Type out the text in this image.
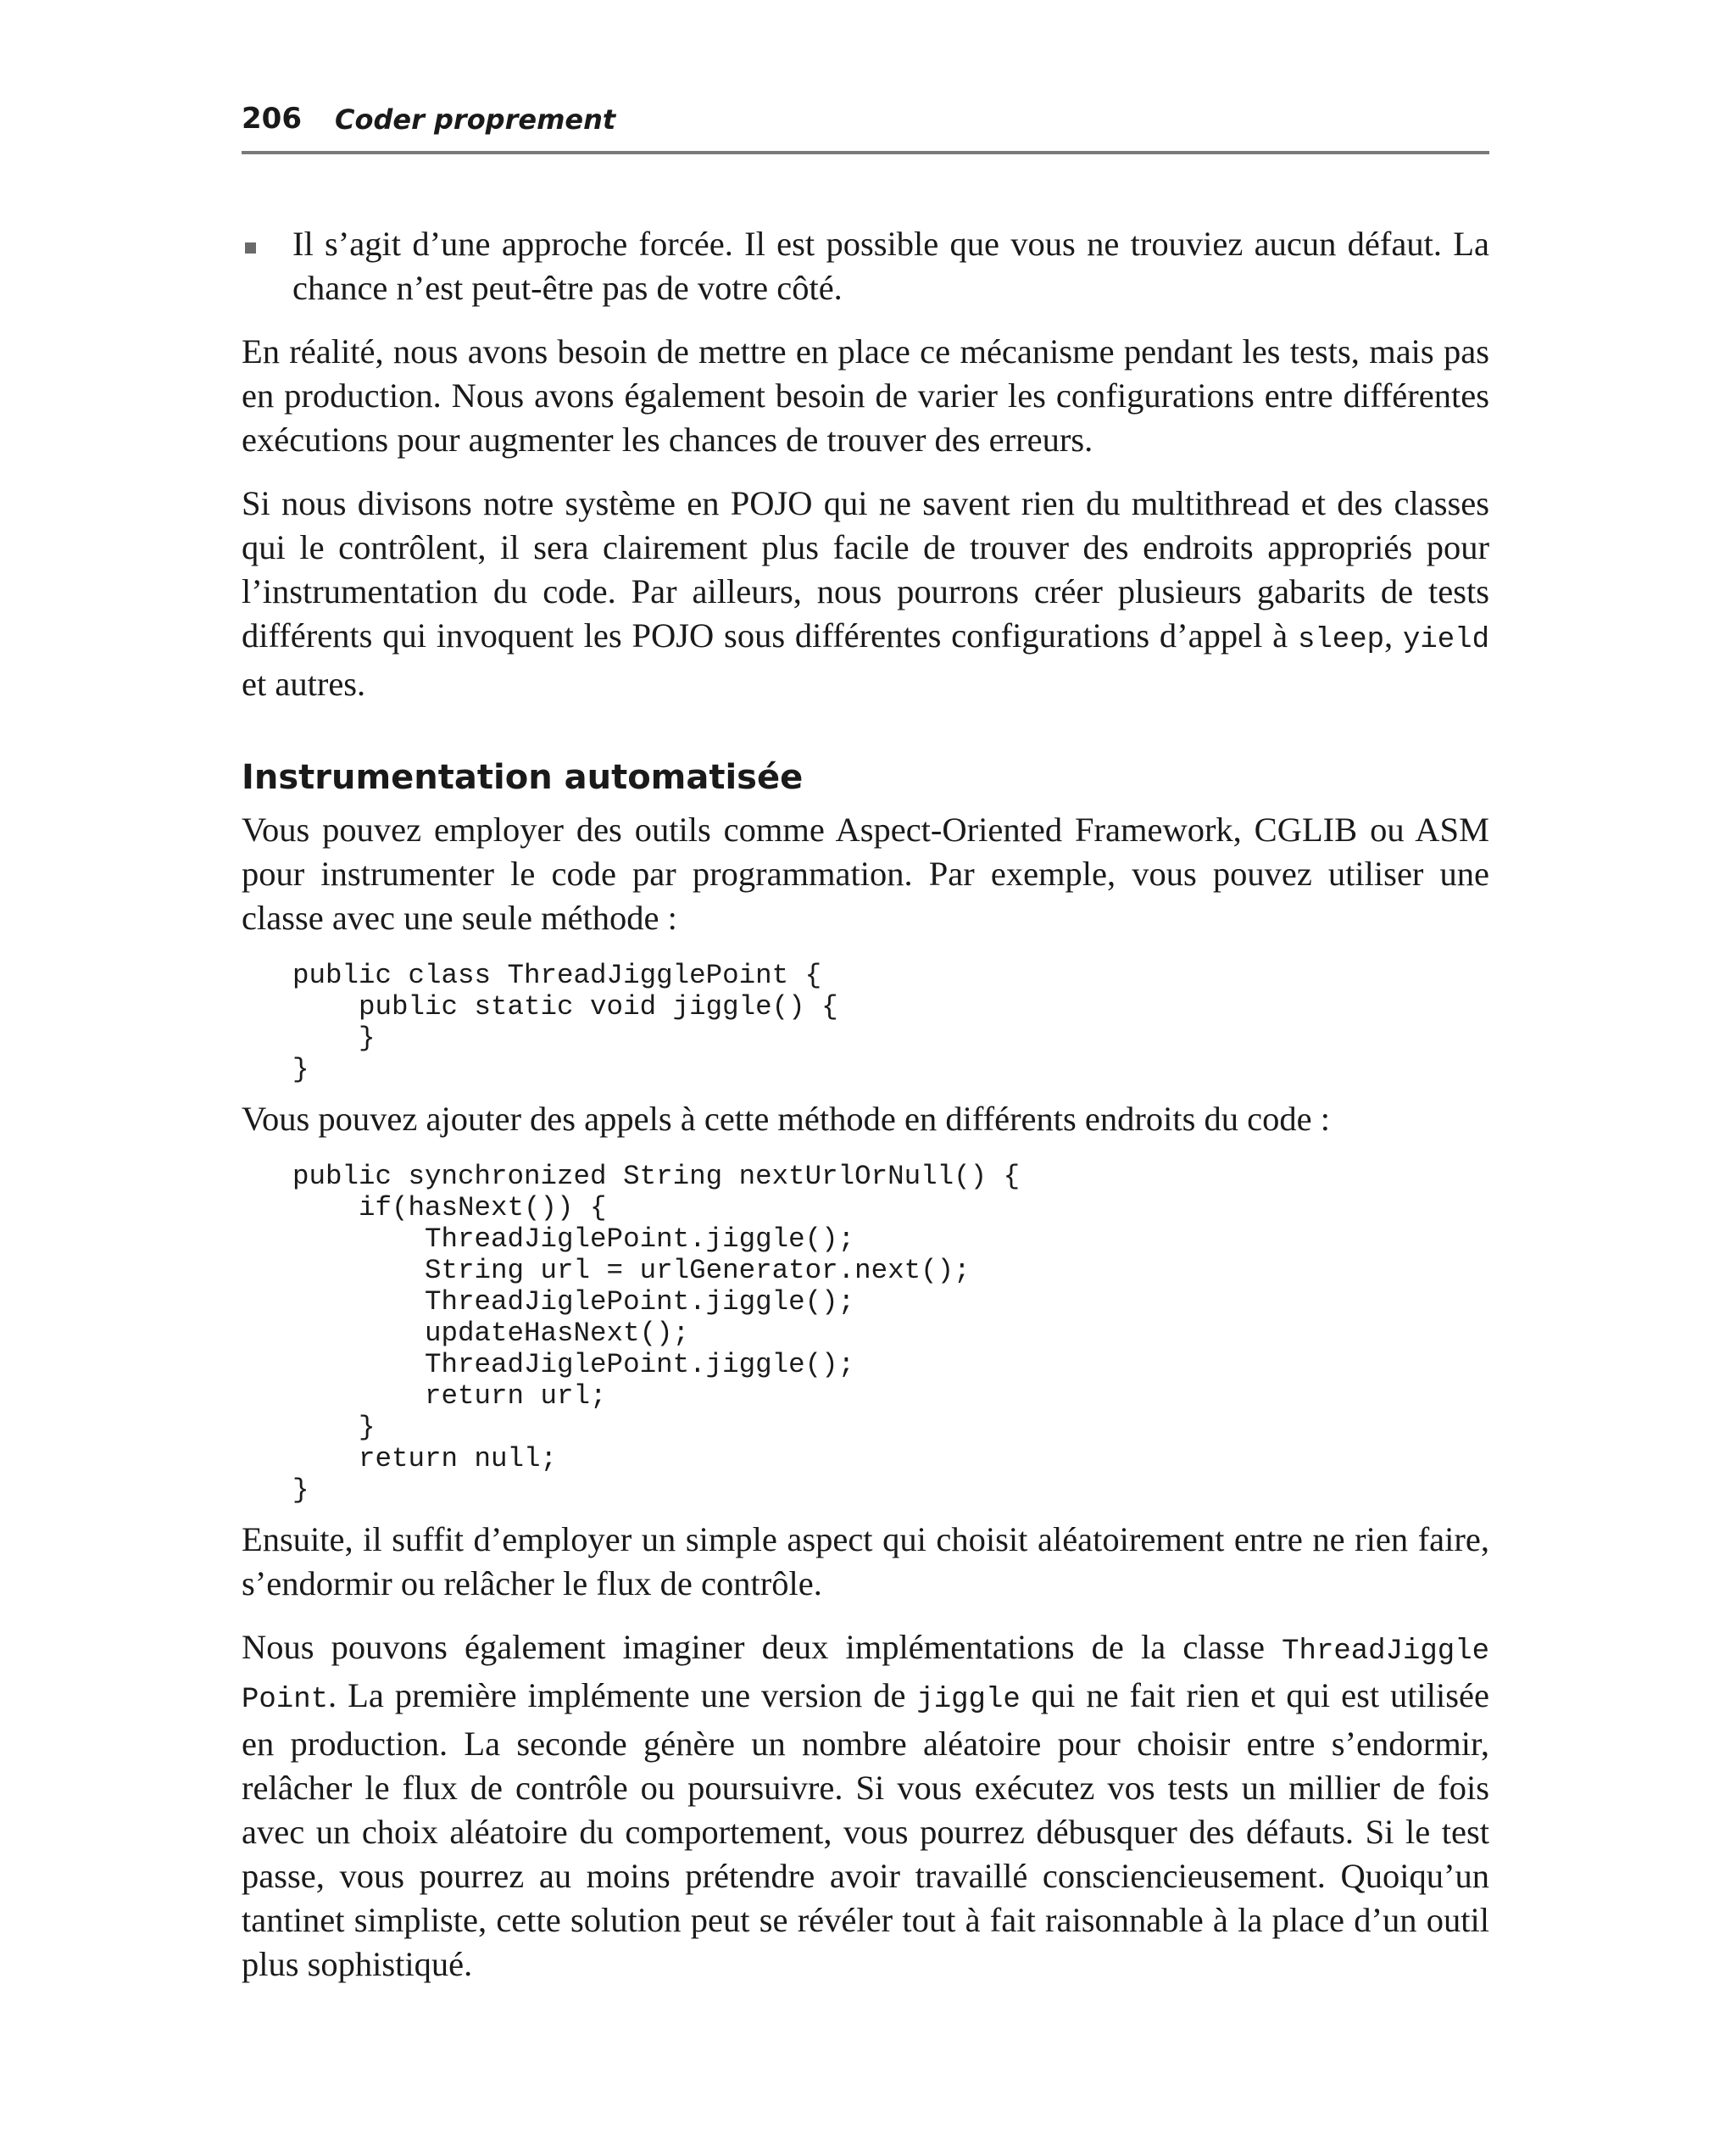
206 Coder proprement
Il s’agit d’une approche forcée. Il est possible que vous ne trouviez aucun défaut. La chance n’est peut-être pas de votre côté.

En réalité, nous avons besoin de mettre en place ce mécanisme pendant les tests, mais pas en production. Nous avons également besoin de varier les configurations entre différentes exécutions pour augmenter les chances de trouver des erreurs.

Si nous divisons notre système en POJO qui ne savent rien du multithread et des classes qui le contrôlent, il sera clairement plus facile de trouver des endroits appropriés pour l’instrumentation du code. Par ailleurs, nous pourrons créer plusieurs gabarits de tests différents qui invoquent les POJO sous différentes configurations d’appel à sleep, yield et autres.

Instrumentation automatisée

Vous pouvez employer des outils comme Aspect-Oriented Framework, CGLIB ou ASM pour instrumenter le code par programmation. Par exemple, vous pouvez utiliser une classe avec une seule méthode :

public class ThreadJigglePoint {
public static void jiggle() {
}
}

Vous pouvez ajouter des appels à cette méthode en différents endroits du code :

public synchronized String nextUrlOrNull() {
if(hasNext()) {
ThreadJiglePoint.jiggle();
String url = urlGenerator.next();
ThreadJiglePoint.jiggle();
updateHasNext();
ThreadJiglePoint.jiggle();
return url;
}
return null;
}

Ensuite, il suffit d’employer un simple aspect qui choisit aléatoirement entre ne rien faire, s’endormir ou relâcher le flux de contrôle.

Nous pouvons également imaginer deux implémentations de la classe ThreadJiggle Point. La première implémente une version de jiggle qui ne fait rien et qui est utilisée en production. La seconde génère un nombre aléatoire pour choisir entre s’endormir, relâcher le flux de contrôle ou poursuivre. Si vous exécutez vos tests un millier de fois avec un choix aléatoire du comportement, vous pourrez débusquer des défauts. Si le test passe, vous pourrez au moins prétendre avoir travaillé consciencieusement. Quoiqu’un tantinet simpliste, cette solution peut se révéler tout à fait raisonnable à la place d’un outil plus sophistiqué.
